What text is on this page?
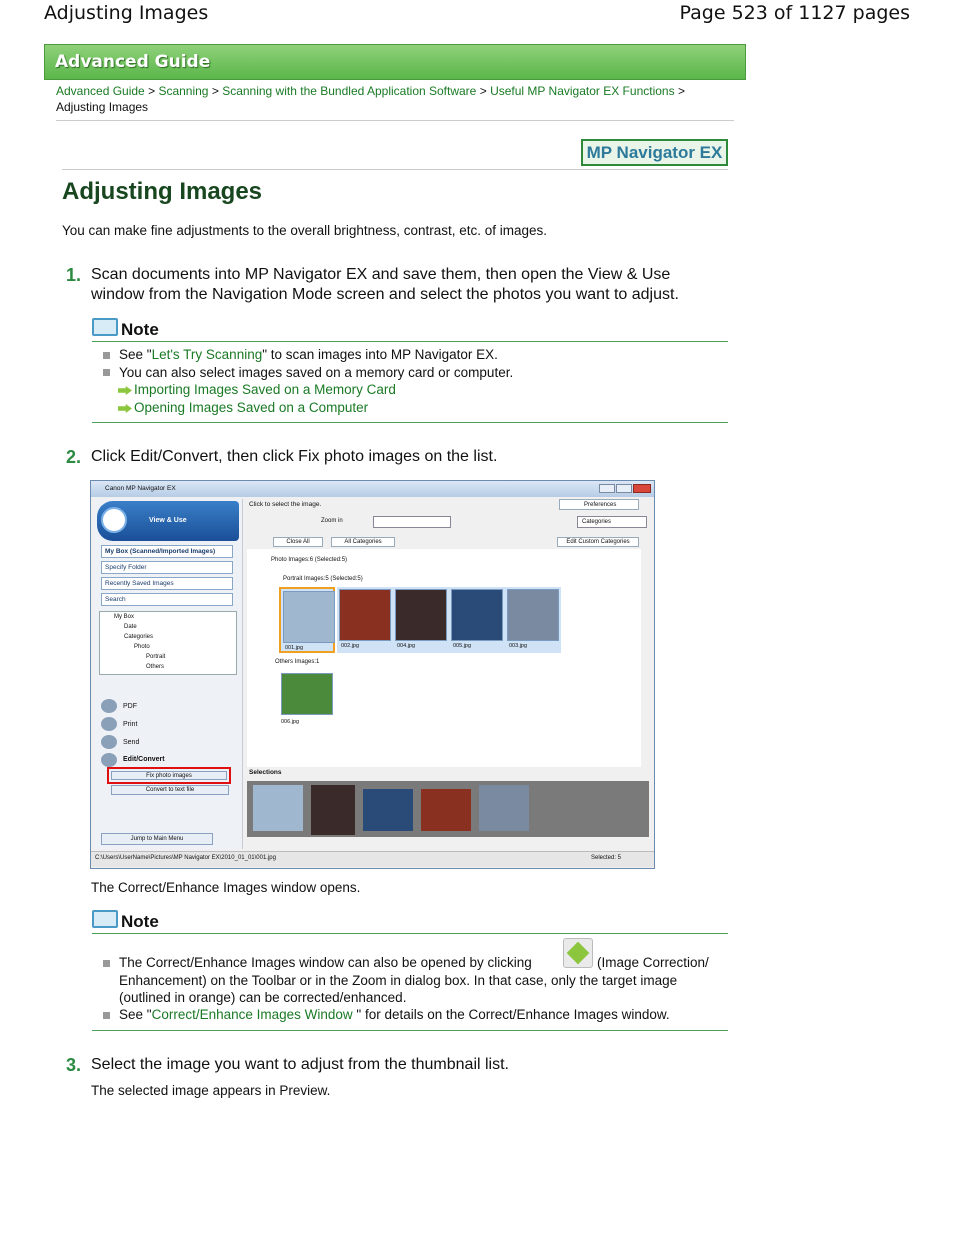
Adjusting Images	Page 523 of 1127 pages
Advanced Guide
Advanced Guide > Scanning > Scanning with the Bundled Application Software > Useful MP Navigator EX Functions >
Adjusting Images
MP Navigator EX
Adjusting Images
You can make fine adjustments to the overall brightness, contrast, etc. of images.
1. Scan documents into MP Navigator EX and save them, then open the View & Use
window from the Navigation Mode screen and select the photos you want to adjust.
Note
See "Let's Try Scanning" to scan images into MP Navigator EX.
You can also select images saved on a memory card or computer.
Importing Images Saved on a Memory Card
Opening Images Saved on a Computer
2. Click Edit/Convert, then click Fix photo images on the list.
Canon MP Navigator EX
View & Use
My Box (Scanned/Imported Images)
Specify Folder
Recently Saved Images
Search
My Box
Date
Categories
Photo
Portrait
Others
PDF
Print
Send
Edit/Convert
Fix photo images
Convert to text file
Jump to Main Menu
Click to select the image.	Preferences
Zoom in	Categories
Close All	All Categories	Edit Custom Categories
Photo Images:6 (Selected:5)
Portrait Images:5 (Selected:5)
001.jpg	002.jpg	004.jpg	005.jpg	003.jpg
Others Images:1
006.jpg
Selections
C:\Users\UserName\Pictures\MP Navigator EX\2010_01_01\001.jpg	Selected: 5
The Correct/Enhance Images window opens.
Note
The Correct/Enhance Images window can also be opened by clicking	(Image Correction/
Enhancement) on the Toolbar or in the Zoom in dialog box. In that case, only the target image
(outlined in orange) can be corrected/enhanced.
See "Correct/Enhance Images Window " for details on the Correct/Enhance Images window.
3. Select the image you want to adjust from the thumbnail list.
The selected image appears in Preview.
